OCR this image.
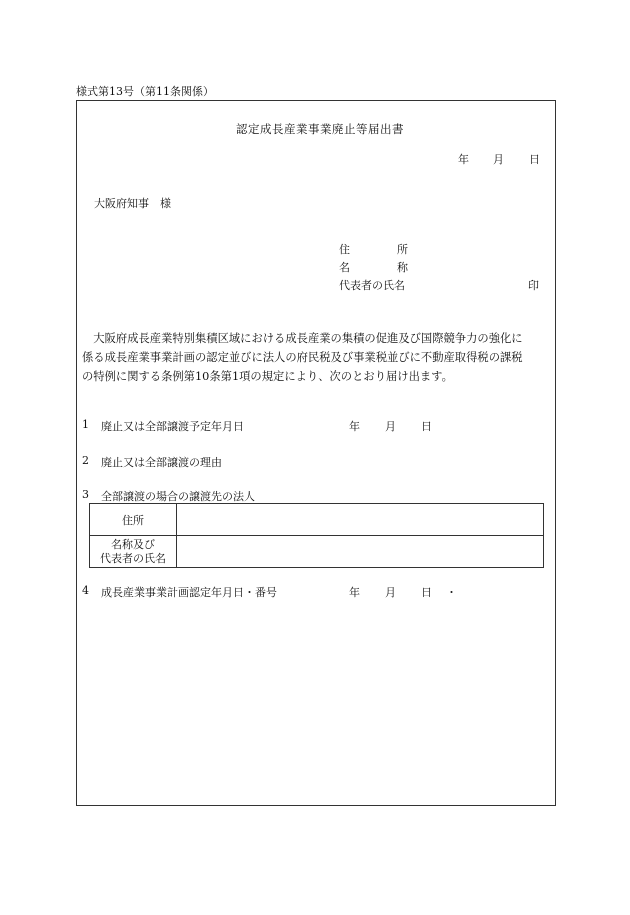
様式第13号（第11条関係）
認定成長産業事業廃止等届出書
年 月 日
大阪府知事　様
住	所
名	称
代表者の氏名	印
　大阪府成長産業特別集積区域における成長産業の集積の促進及び国際競争力の強化に
係る成長産業事業計画の認定並びに法人の府民税及び事業税並びに不動産取得税の課税
の特例に関する条例第10条第1項の規定により、次のとおり届け出ます。
1 廃止又は全部譲渡予定年月日	年 月 日
2 廃止又は全部譲渡の理由
3 全部譲渡の場合の譲渡先の法人
住所	
名称及び
代表者の氏名	
4 成長産業事業計画認定年月日・番号	年 月 日 ・
